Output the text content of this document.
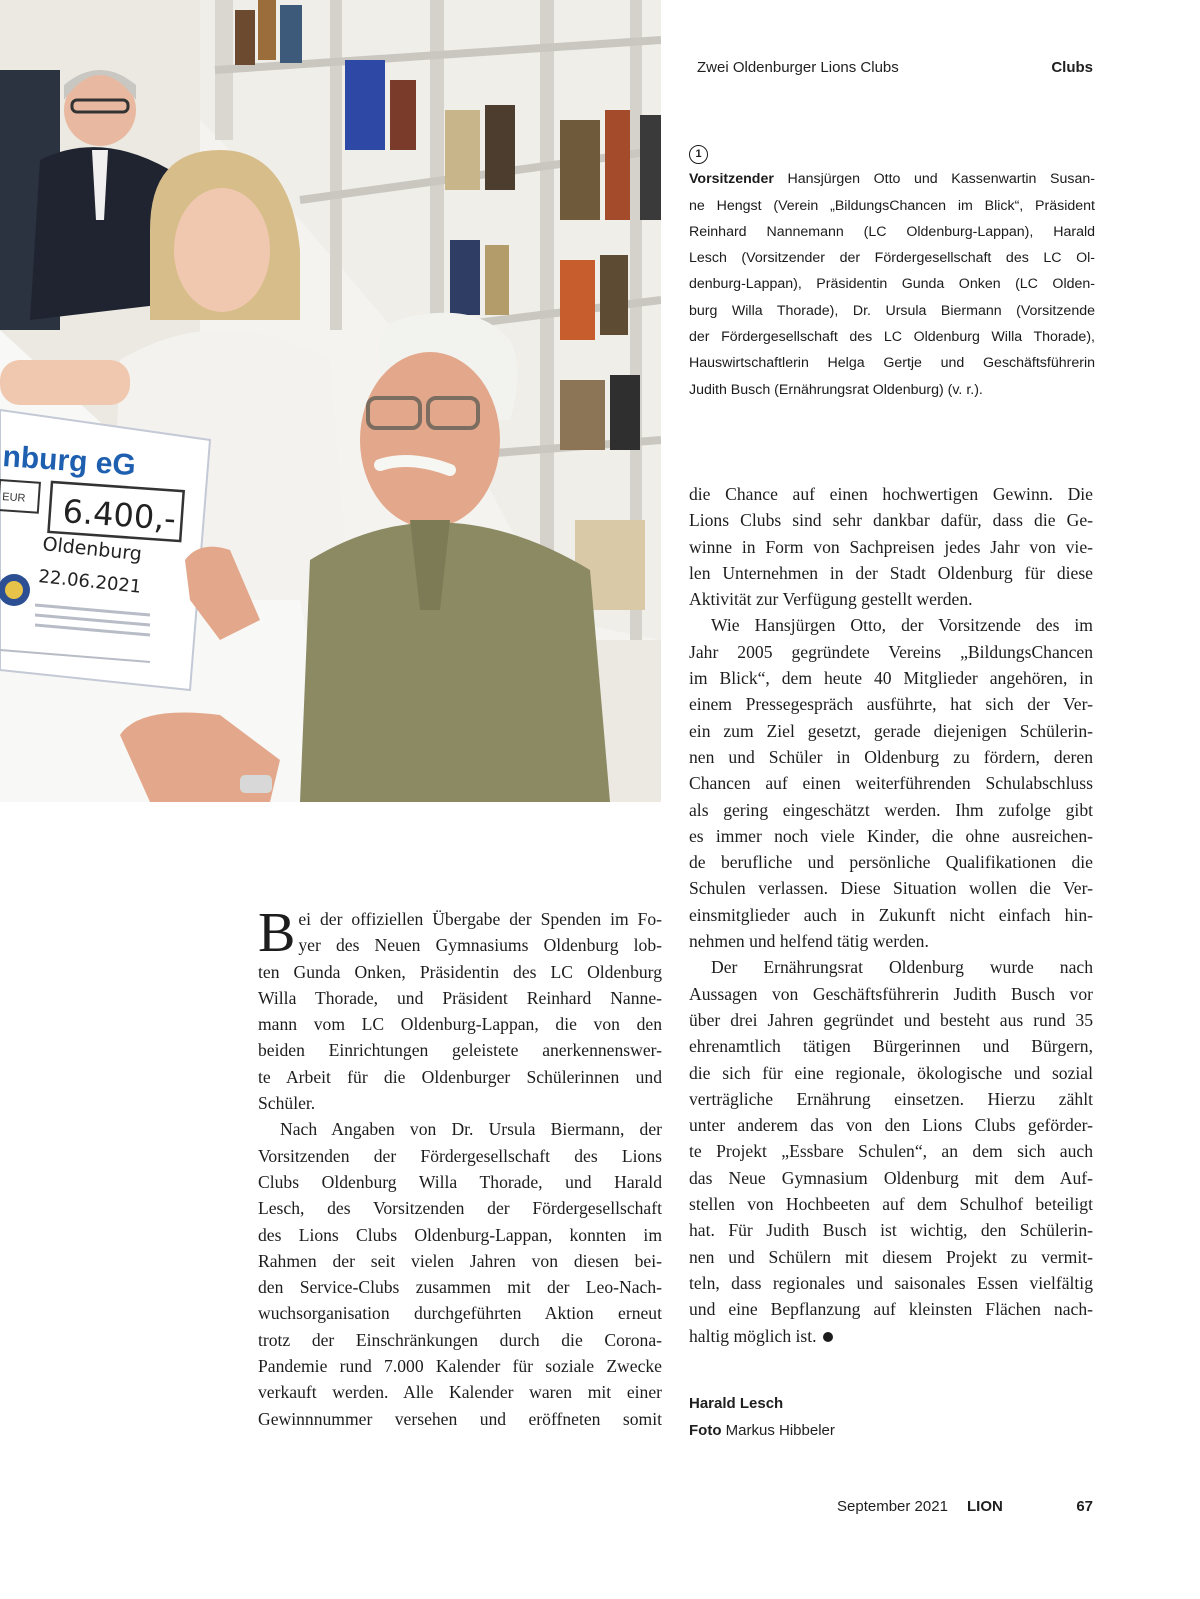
nburg eG
EUR 6.400,-
Oldenburg
22.06.2021
Zwei Oldenburger Lions Clubs	Clubs
1
Vorsitzender Hansjürgen Otto und Kassenwartin Susan-
ne Hengst (Verein „BildungsChancen im Blick“, Präsident
Reinhard Nannemann (LC Oldenburg-Lappan), Harald
Lesch (Vorsitzender der Fördergesellschaft des LC Ol-
denburg-Lappan), Präsidentin Gunda Onken (LC Olden-
burg Willa Thorade), Dr. Ursula Biermann (Vorsitzende
der Fördergesellschaft des LC Oldenburg Willa Thorade),
Hauswirtschaftlerin Helga Gertje und Geschäftsführerin
Judith Busch (Ernährungsrat Oldenburg) (v. r.).
B ei der offiziellen Übergabe der Spenden im Fo-
yer des Neuen Gymnasiums Oldenburg lob-
ten Gunda Onken, Präsidentin des LC Oldenburg
Willa Thorade, und Präsident Reinhard Nanne-
mann vom LC Oldenburg-Lappan, die von den
beiden Einrichtungen geleistete anerkennenswer-
te Arbeit für die Oldenburger Schülerinnen und
Schüler.
Nach Angaben von Dr. Ursula Biermann, der
Vorsitzenden der Fördergesellschaft des Lions
Clubs Oldenburg Willa Thorade, und Harald
Lesch, des Vorsitzenden der Fördergesellschaft
des Lions Clubs Oldenburg-Lappan, konnten im
Rahmen der seit vielen Jahren von diesen bei-
den Service-Clubs zusammen mit der Leo-Nach-
wuchsorganisation durchgeführten Aktion erneut
trotz der Einschränkungen durch die Corona-
Pandemie rund 7.000 Kalender für soziale Zwecke
verkauft werden. Alle Kalender waren mit einer
Gewinnnummer versehen und eröffneten somit
die Chance auf einen hochwertigen Gewinn. Die
Lions Clubs sind sehr dankbar dafür, dass die Ge-
winne in Form von Sachpreisen jedes Jahr von vie-
len Unternehmen in der Stadt Oldenburg für diese
Aktivität zur Verfügung gestellt werden.
Wie Hansjürgen Otto, der Vorsitzende des im
Jahr 2005 gegründete Vereins „BildungsChancen
im Blick“, dem heute 40 Mitglieder angehören, in
einem Pressegespräch ausführte, hat sich der Ver-
ein zum Ziel gesetzt, gerade diejenigen Schülerin-
nen und Schüler in Oldenburg zu fördern, deren
Chancen auf einen weiterführenden Schulabschluss
als gering eingeschätzt werden. Ihm zufolge gibt
es immer noch viele Kinder, die ohne ausreichen-
de berufliche und persönliche Qualifikationen die
Schulen verlassen. Diese Situation wollen die Ver-
einsmitglieder auch in Zukunft nicht einfach hin-
nehmen und helfend tätig werden.
Der Ernährungsrat Oldenburg wurde nach
Aussagen von Geschäftsführerin Judith Busch vor
über drei Jahren gegründet und besteht aus rund 35
ehrenamtlich tätigen Bürgerinnen und Bürgern,
die sich für eine regionale, ökologische und sozial
verträgliche Ernährung einsetzen. Hierzu zählt
unter anderem das von den Lions Clubs geförder-
te Projekt „Essbare Schulen“, an dem sich auch
das Neue Gymnasium Oldenburg mit dem Auf-
stellen von Hochbeeten auf dem Schulhof beteiligt
hat. Für Judith Busch ist wichtig, den Schülerin-
nen und Schülern mit diesem Projekt zu vermit-
teln, dass regionales und saisonales Essen vielfältig
und eine Bepflanzung auf kleinsten Flächen nach-
haltig möglich ist.
Harald Lesch
Foto Markus Hibbeler
September 2021 LION	67
